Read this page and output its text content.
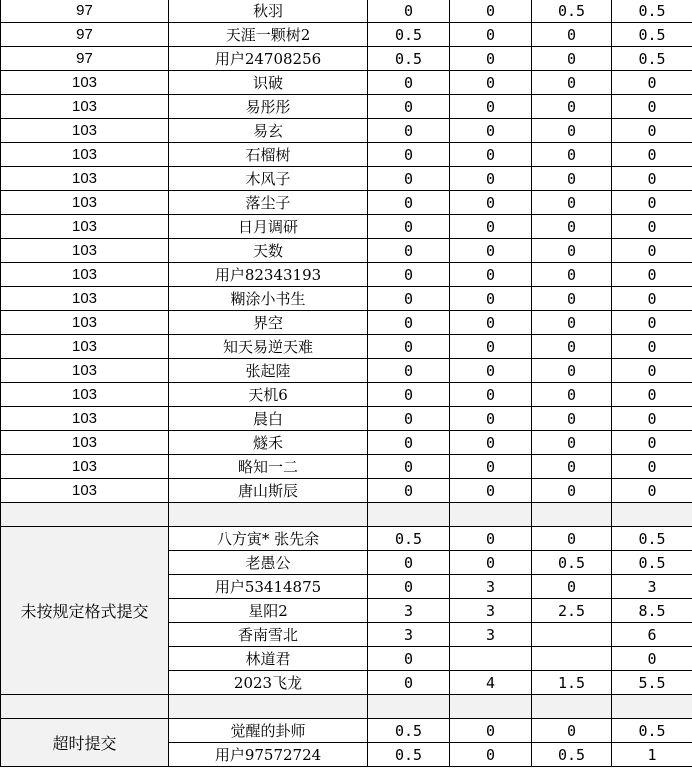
97	秋羽	0	0	0.5	0.5
97	天涯一颗树2	0.5	0	0	0.5
97	用户24708256	0.5	0	0	0.5
103	识破	0	0	0	0
103	易彤彤	0	0	0	0
103	易玄	0	0	0	0
103	石榴树	0	0	0	0
103	木风子	0	0	0	0
103	落尘子	0	0	0	0
103	日月调研	0	0	0	0
103	天数	0	0	0	0
103	用户82343193	0	0	0	0
103	糊涂小书生	0	0	0	0
103	界空	0	0	0	0
103	知天易逆天难	0	0	0	0
103	张起陸	0	0	0	0
103	天机6	0	0	0	0
103	晨白	0	0	0	0
103	燧禾	0	0	0	0
103	略知一二	0	0	0	0
103	唐山斯辰	0	0	0	0

未按规定格式提交	八方寅* 张先余	0.5	0	0	0.5
	老愚公	0	0	0.5	0.5
	用户53414875	0	3	0	3
	星阳2	3	3	2.5	8.5
	香南雪北	3	3		6
	林道君	0			0
	2023飞龙	0	4	1.5	5.5

超时提交	觉醒的卦师	0.5	0	0	0.5
	用户97572724	0.5	0	0.5	1
